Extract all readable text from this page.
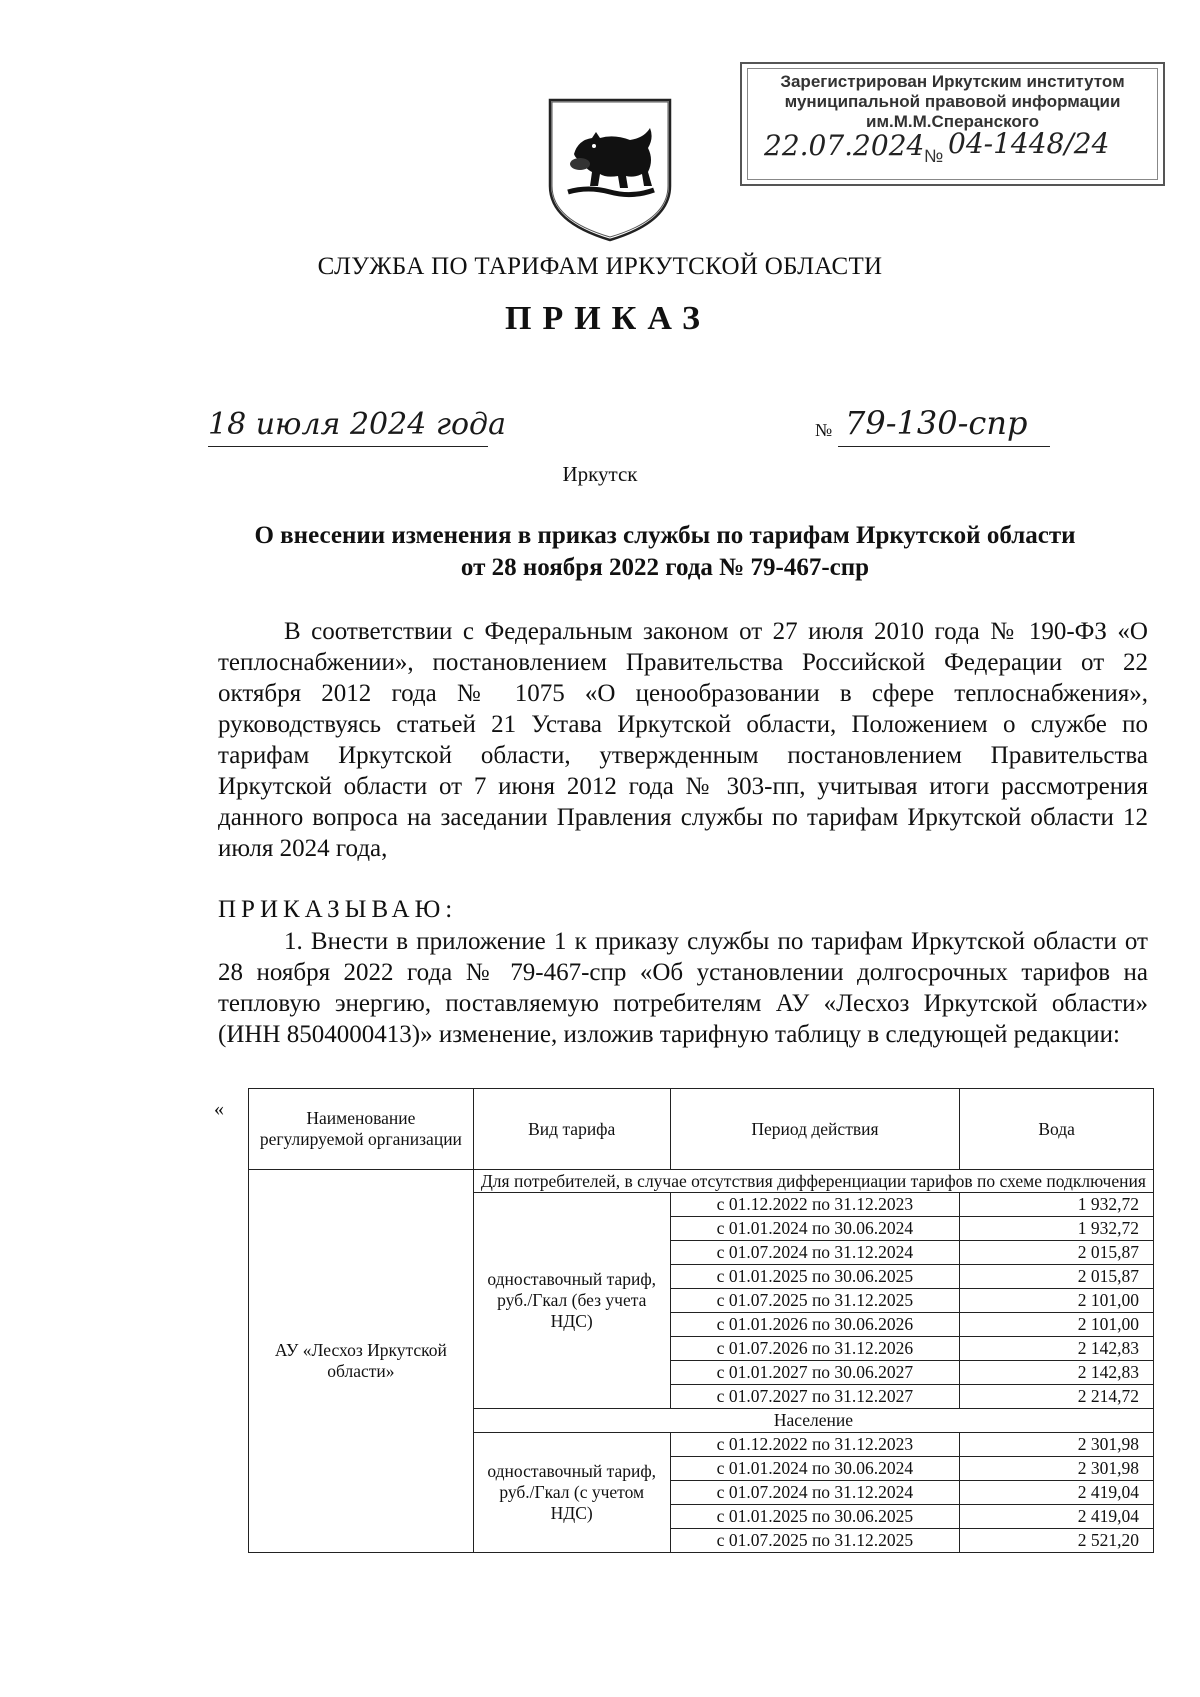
Зарегистрирован Иркутским институтом
муниципальной правовой информации
им.М.М.Сперанского
22.07.2024 № 04-1448/24
СЛУЖБА ПО ТАРИФАМ ИРКУТСКОЙ ОБЛАСТИ
ПРИКАЗ
18 июля 2024 года	№ 79-130-спр
Иркутск
О внесении изменения в приказ службы по тарифам Иркутской области
от 28 ноября 2022 года № 79-467-спр
В соответствии с Федеральным законом от 27 июля 2010 года № 190-ФЗ «О теплоснабжении», постановлением Правительства Российской Федерации от 22 октября 2012 года № 1075 «О ценообразовании в сфере теплоснабжения», руководствуясь статьей 21 Устава Иркутской области, Положением о службе по тарифам Иркутской области, утвержденным постановлением Правительства Иркутской области от 7 июня 2012 года № 303-пп, учитывая итоги рассмотрения данного вопроса на заседании Правления службы по тарифам Иркутской области 12 июля 2024 года,
ПРИКАЗЫВАЮ:
1. Внести в приложение 1 к приказу службы по тарифам Иркутской области от 28 ноября 2022 года № 79-467-спр «Об установлении долгосрочных тарифов на тепловую энергию, поставляемую потребителям АУ «Лесхоз Иркутской области» (ИНН 8504000413)» изменение, изложив тарифную таблицу в следующей редакции:
«	Наименование регулируемой организации	Вид тарифа	Период действия	Вода
АУ «Лесхоз Иркутской области»	Для потребителей, в случае отсутствия дифференциации тарифов по схеме подключения		
	одноставочный тариф, руб./Гкал (без учета НДС)	с 01.12.2022 по 31.12.2023	1 932,72
		с 01.01.2024 по 30.06.2024	1 932,72
		с 01.07.2024 по 31.12.2024	2 015,87
		с 01.01.2025 по 30.06.2025	2 015,87
		с 01.07.2025 по 31.12.2025	2 101,00
		с 01.01.2026 по 30.06.2026	2 101,00
		с 01.07.2026 по 31.12.2026	2 142,83
		с 01.01.2027 по 30.06.2027	2 142,83
		с 01.07.2027 по 31.12.2027	2 214,72
	Население		
	одноставочный тариф, руб./Гкал (с учетом НДС)	с 01.12.2022 по 31.12.2023	2 301,98
		с 01.01.2024 по 30.06.2024	2 301,98
		с 01.07.2024 по 31.12.2024	2 419,04
		с 01.01.2025 по 30.06.2025	2 419,04
		с 01.07.2025 по 31.12.2025	2 521,20
